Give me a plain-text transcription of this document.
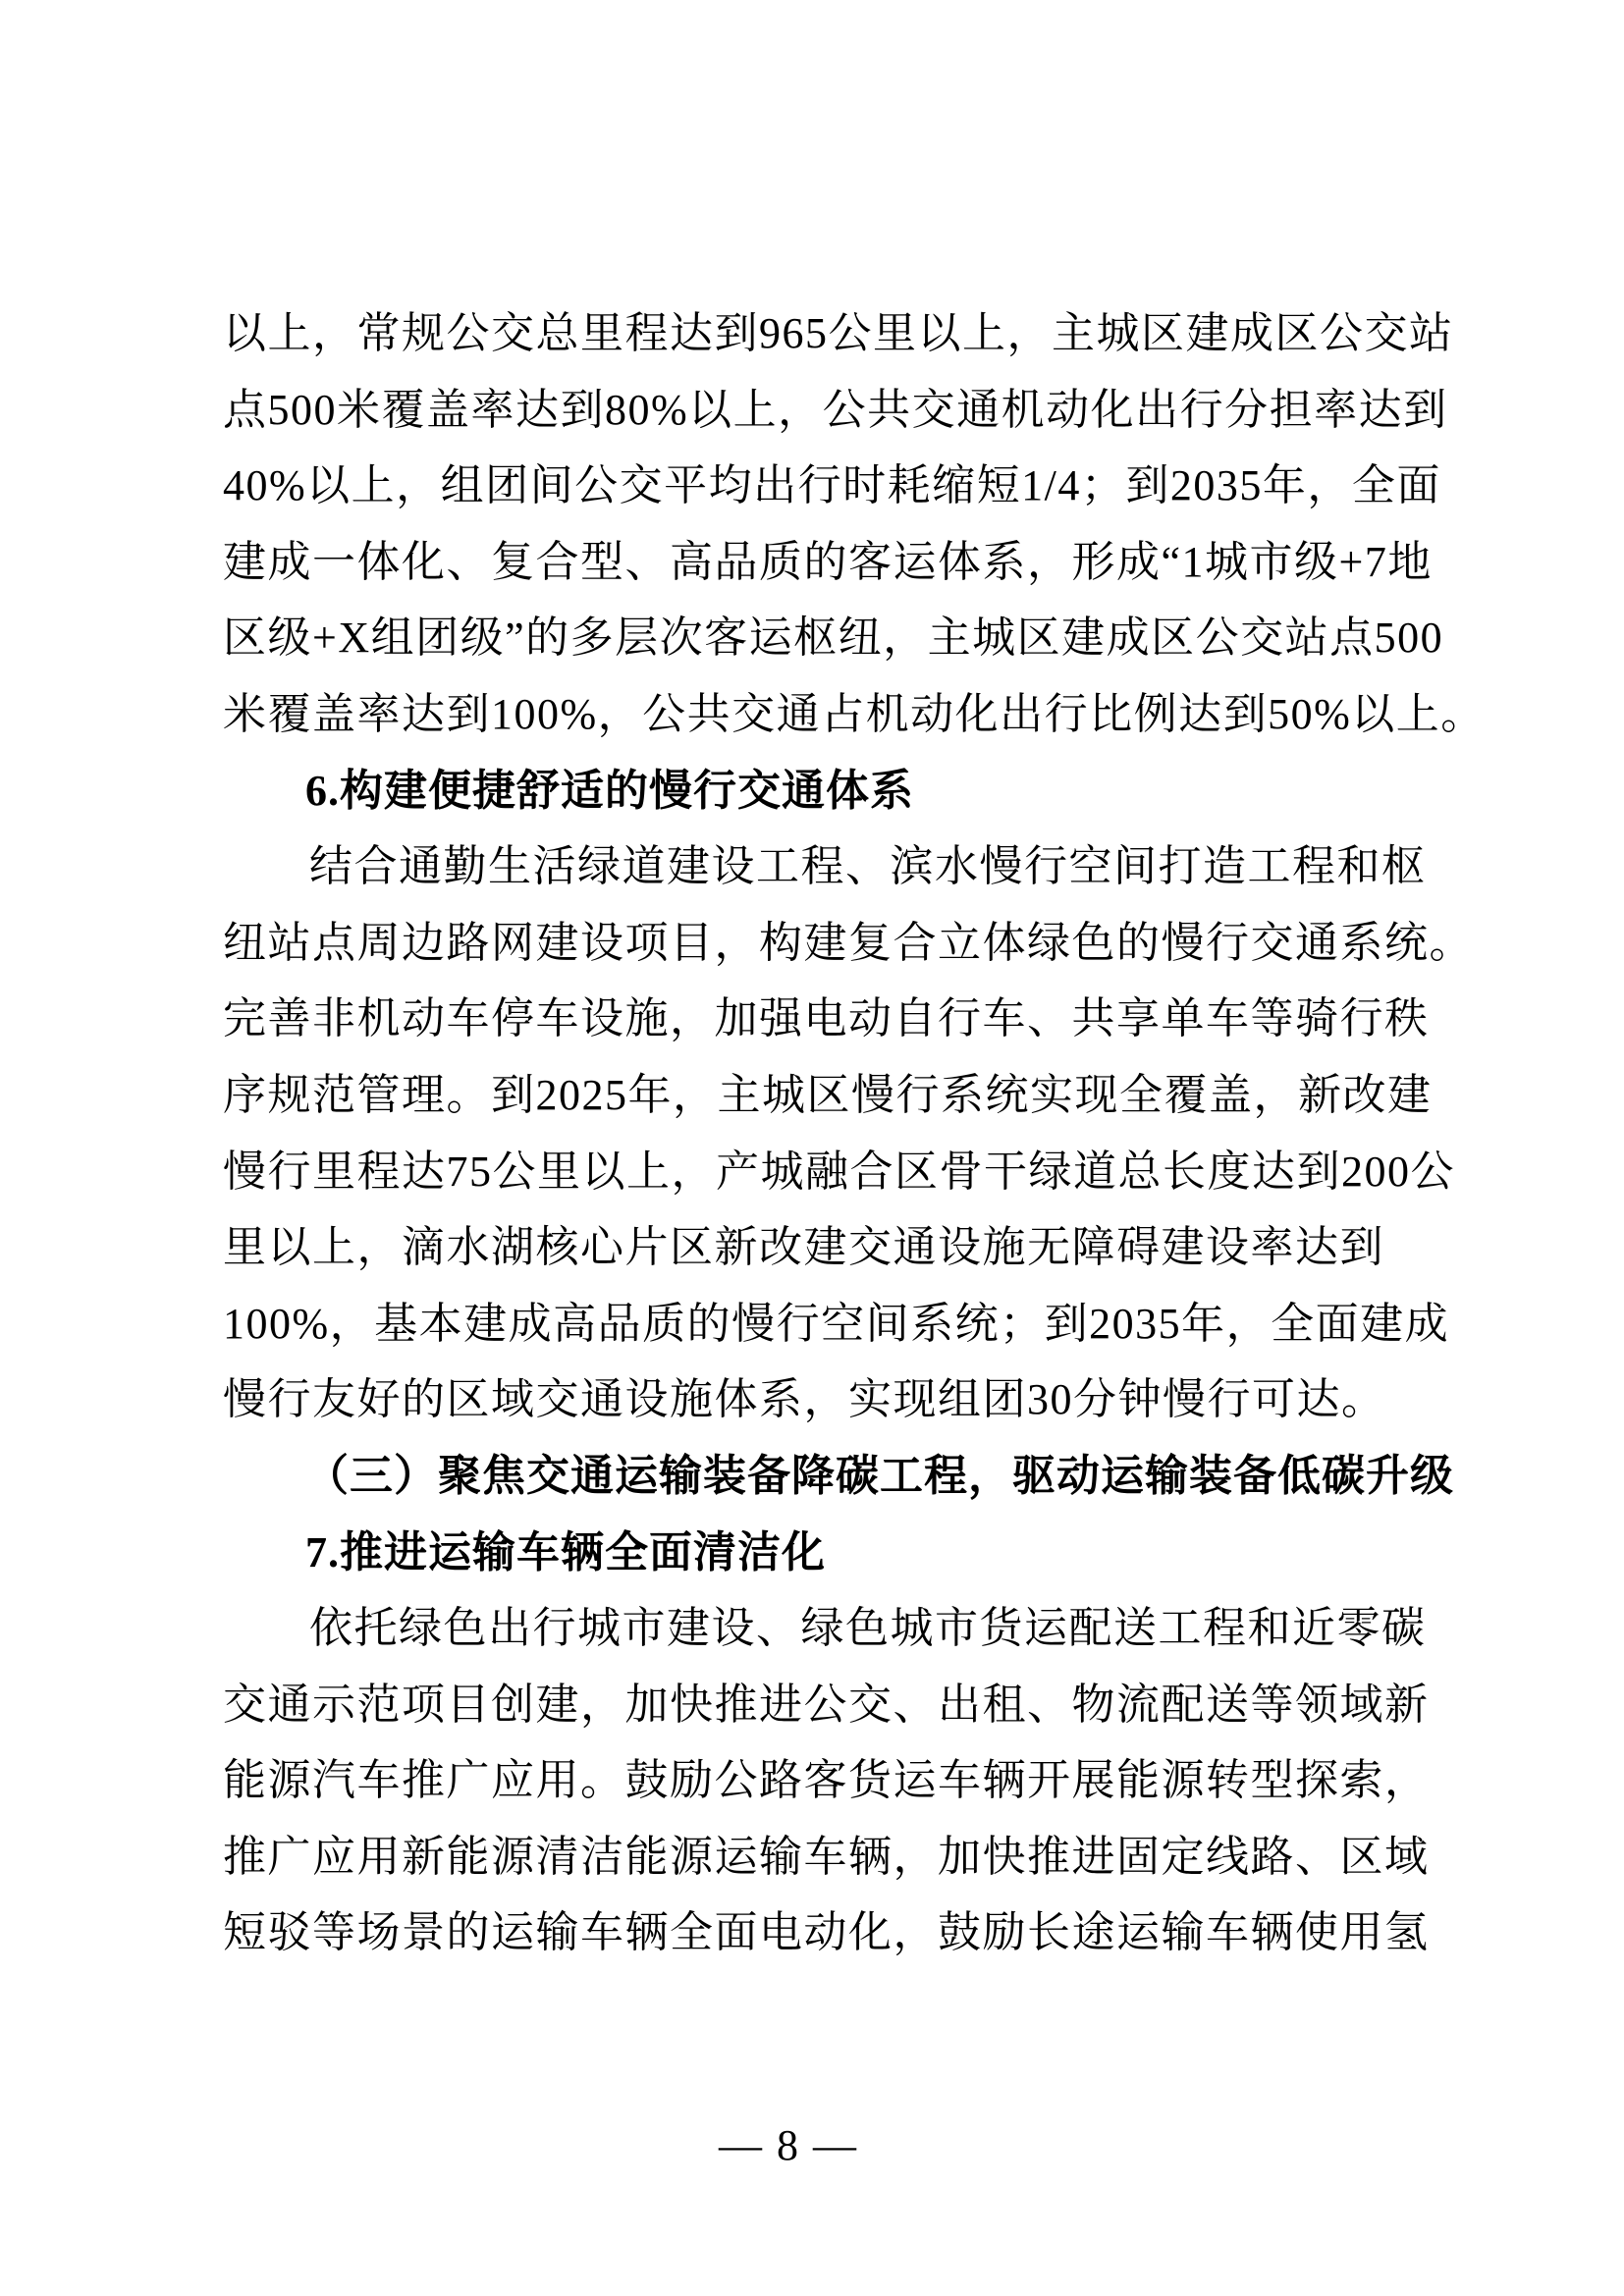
以上，常规公交总里程达到965公里以上，主城区建成区公交站
点500米覆盖率达到80%以上，公共交通机动化出行分担率达到
40%以上，组团间公交平均出行时耗缩短1/4；到2035年，全面
建成一体化、复合型、高品质的客运体系，形成“1城市级+7地
区级+X组团级”的多层次客运枢纽，主城区建成区公交站点500
米覆盖率达到100%，公共交通占机动化出行比例达到50%以上。
6.构建便捷舒适的慢行交通体系
结合通勤生活绿道建设工程、滨水慢行空间打造工程和枢
纽站点周边路网建设项目，构建复合立体绿色的慢行交通系统。
完善非机动车停车设施，加强电动自行车、共享单车等骑行秩
序规范管理。到2025年，主城区慢行系统实现全覆盖，新改建
慢行里程达75公里以上，产城融合区骨干绿道总长度达到200公
里以上，滴水湖核心片区新改建交通设施无障碍建设率达到
100%，基本建成高品质的慢行空间系统；到2035年，全面建成
慢行友好的区域交通设施体系，实现组团30分钟慢行可达。
（三）聚焦交通运输装备降碳工程，驱动运输装备低碳升级
7.推进运输车辆全面清洁化
依托绿色出行城市建设、绿色城市货运配送工程和近零碳
交通示范项目创建，加快推进公交、出租、物流配送等领域新
能源汽车推广应用。鼓励公路客货运车辆开展能源转型探索，
推广应用新能源清洁能源运输车辆，加快推进固定线路、区域
短驳等场景的运输车辆全面电动化，鼓励长途运输车辆使用氢
— 8 —
